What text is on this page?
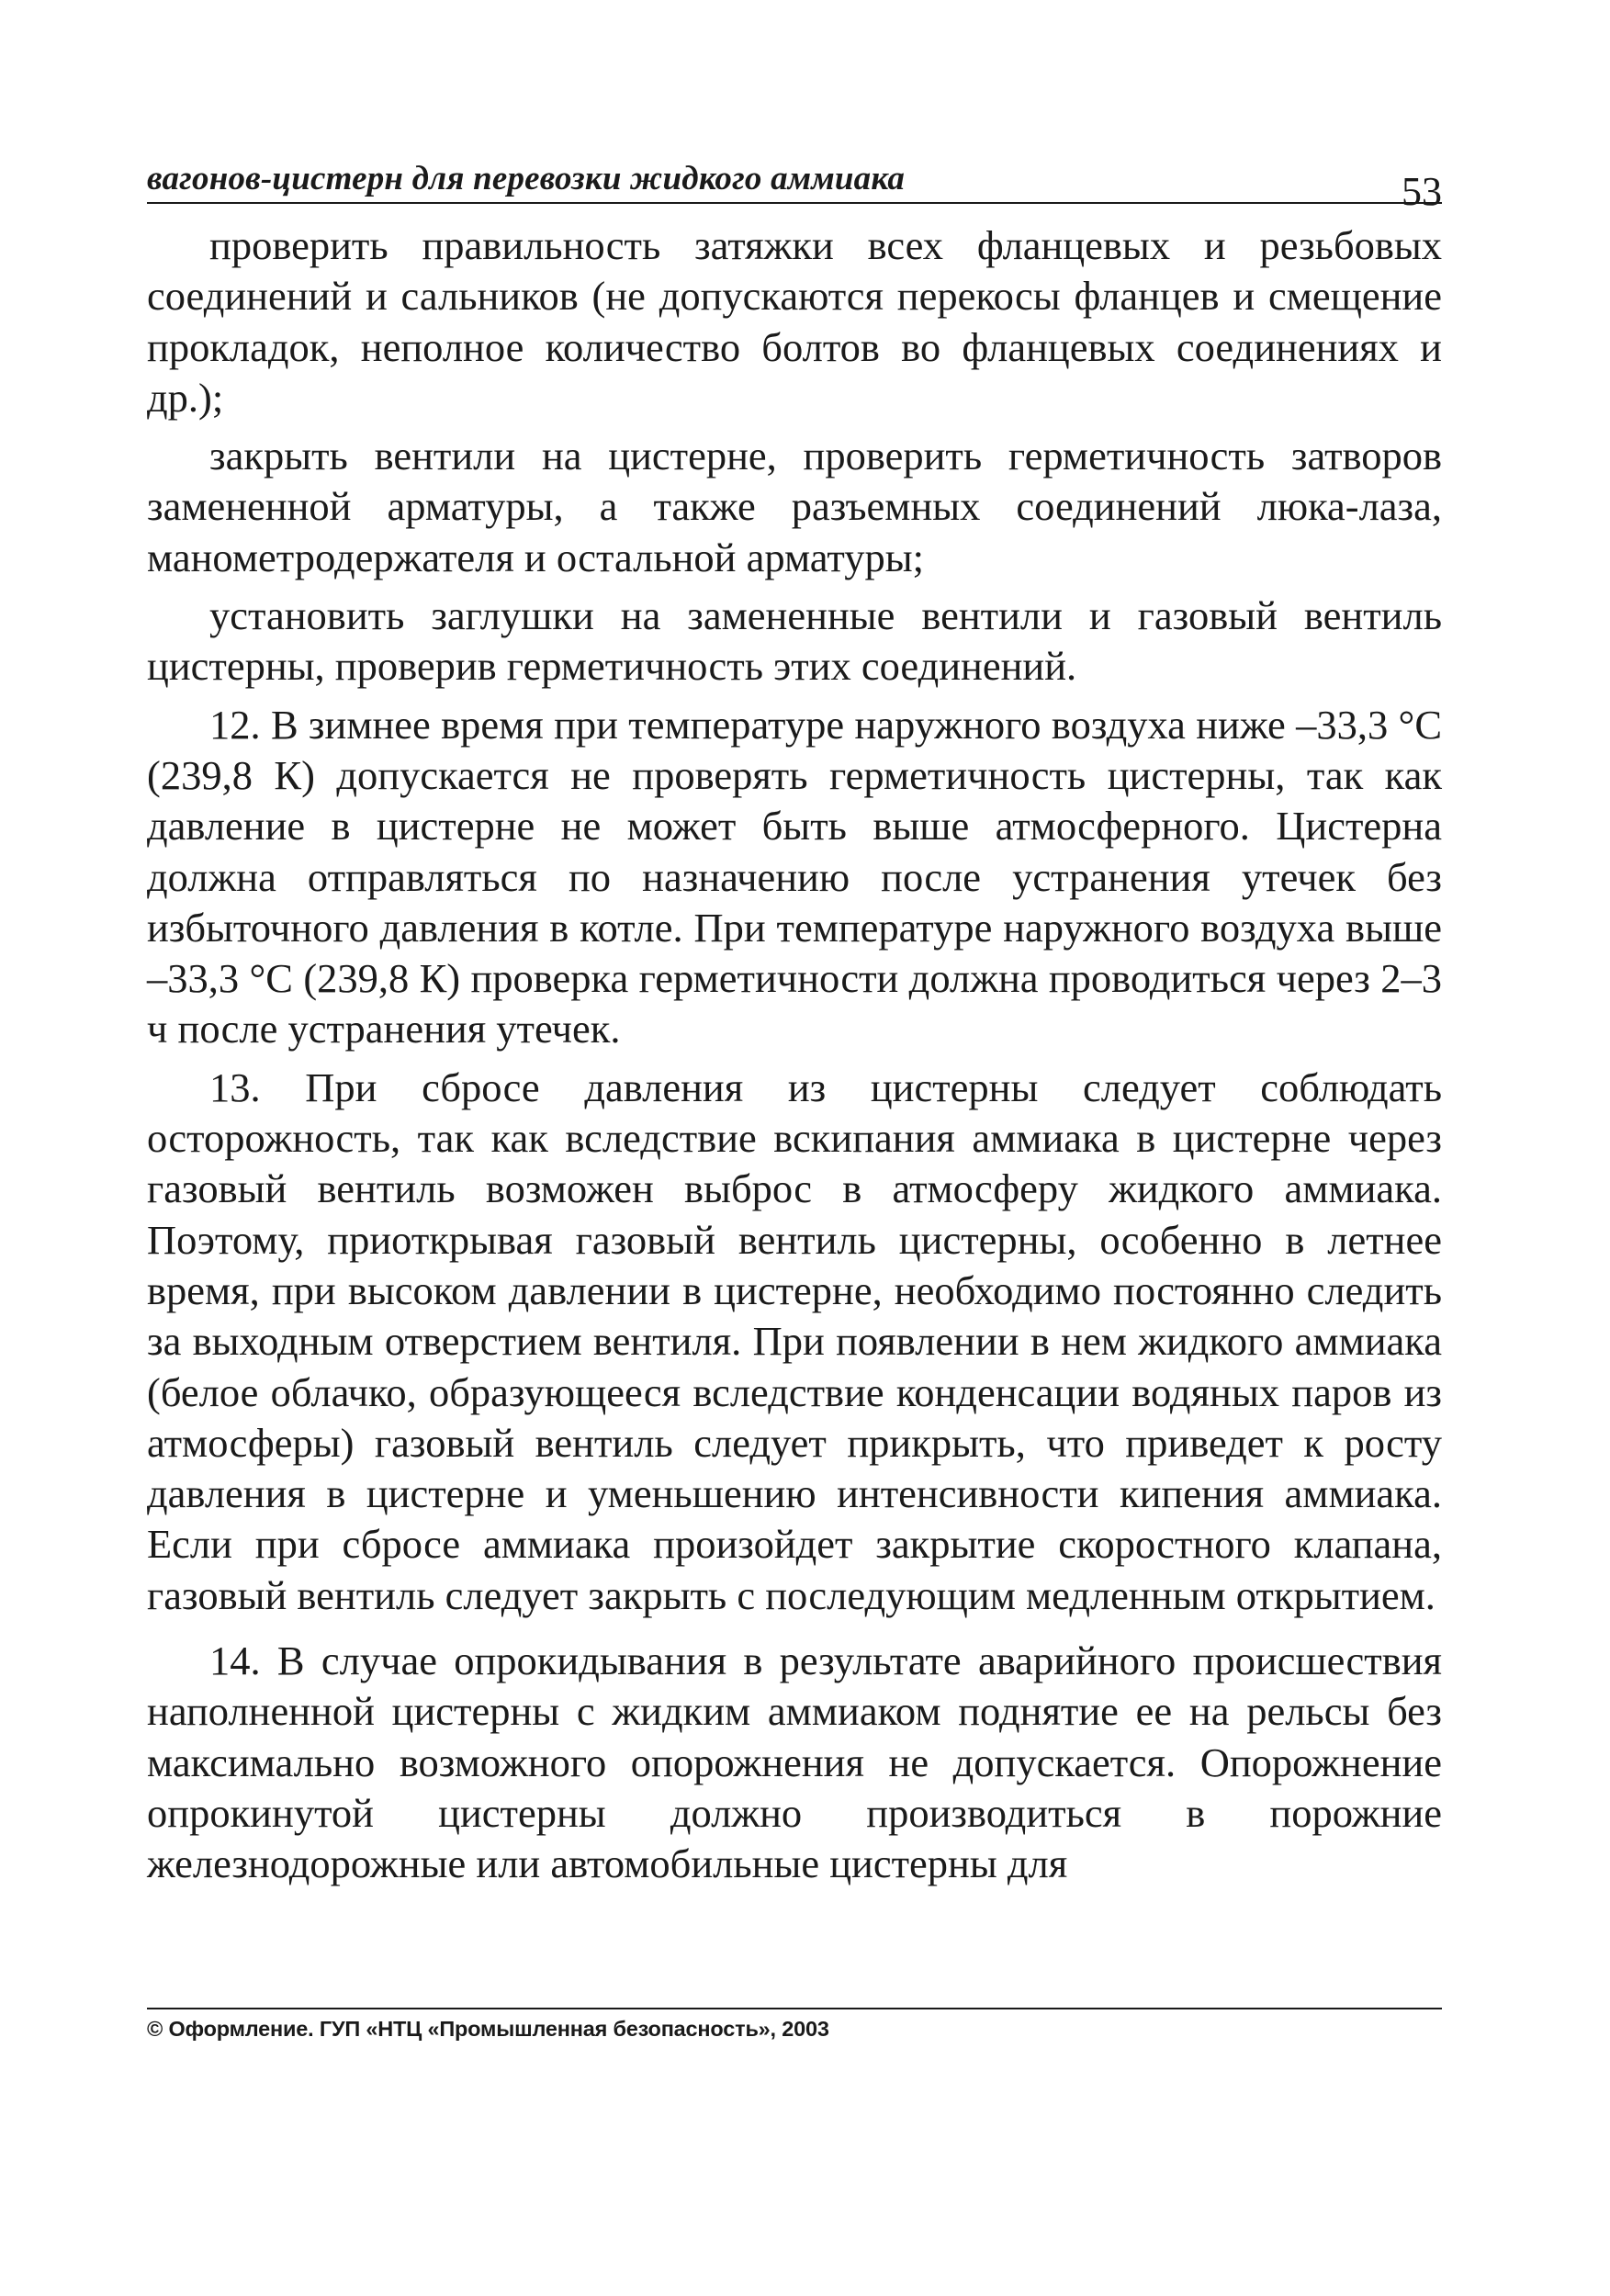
вагонов-цистерн для перевозки жидкого аммиака	53

проверить правильность затяжки всех фланцевых и резьбовых соединений и сальников (не допускаются перекосы фланцев и смещение прокладок, неполное количество болтов во фланцевых соединениях и др.);

закрыть вентили на цистерне, проверить герметичность затворов замененной арматуры, а также разъемных соединений люка-лаза, манометродержателя и остальной арматуры;

установить заглушки на замененные вентили и газовый вентиль цистерны, проверив герметичность этих соединений.

12. В зимнее время при температуре наружного воздуха ниже –33,3 °С (239,8 К) допускается не проверять герметичность цистерны, так как давление в цистерне не может быть выше атмосферного. Цистерна должна отправляться по назначению после устранения утечек без избыточного давления в котле. При температуре наружного воздуха выше –33,3 °С (239,8 К) проверка герметичности должна проводиться через 2–3 ч после устранения утечек.

13. При сбросе давления из цистерны следует соблюдать осторожность, так как вследствие вскипания аммиака в цистерне через газовый вентиль возможен выброс в атмосферу жидкого аммиака. Поэтому, приоткрывая газовый вентиль цистерны, особенно в летнее время, при высоком давлении в цистерне, необходимо постоянно следить за выходным отверстием вентиля. При появлении в нем жидкого аммиака (белое облачко, образующееся вследствие конденсации водяных паров из атмосферы) газовый вентиль следует прикрыть, что приведет к росту давления в цистерне и уменьшению интенсивности кипения аммиака. Если при сбросе аммиака произойдет закрытие скоростного клапана, газовый вентиль следует закрыть с последующим медленным открытием.

14. В случае опрокидывания в результате аварийного происшествия наполненной цистерны с жидким аммиаком поднятие ее на рельсы без максимально возможного опорожнения не допускается. Опорожнение опрокинутой цистерны должно производиться в порожние железнодорожные или автомобильные цистерны для

© Оформление. ГУП «НТЦ «Промышленная безопасность», 2003
